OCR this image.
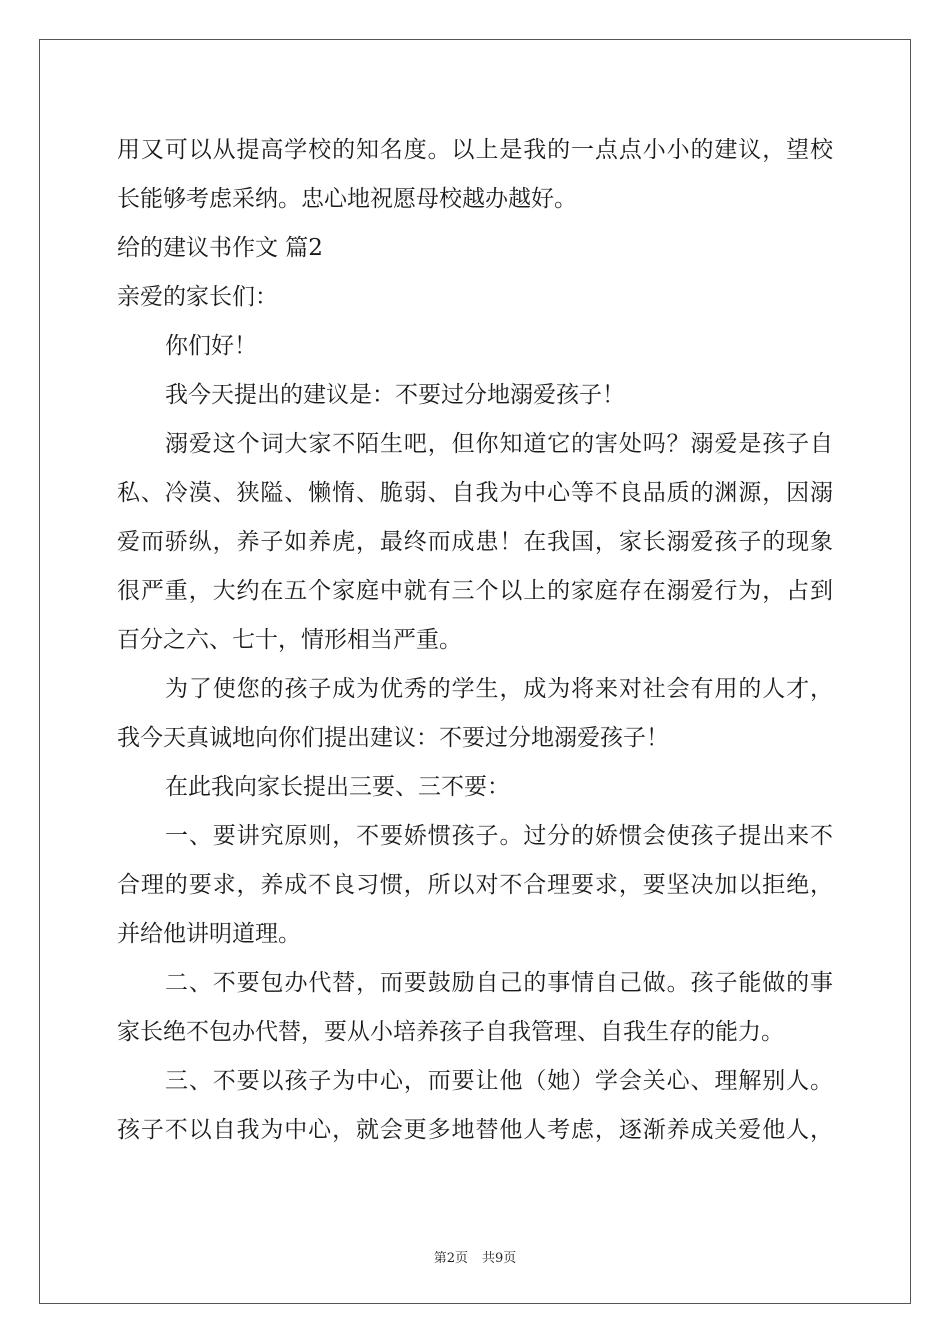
用又可以从提高学校的知名度。以上是我的一点点小小的建议，望校

长能够考虑采纳。忠心地祝愿母校越办越好。

给的建议书作文 篇2

亲爱的家长们：

你们好！

我今天提出的建议是：不要过分地溺爱孩子！

溺爱这个词大家不陌生吧，但你知道它的害处吗？溺爱是孩子自

私、冷漠、狭隘、懒惰、脆弱、自我为中心等不良品质的渊源，因溺

爱而骄纵，养子如养虎，最终而成患！在我国，家长溺爱孩子的现象

很严重，大约在五个家庭中就有三个以上的家庭存在溺爱行为，占到

百分之六、七十，情形相当严重。

为了使您的孩子成为优秀的学生，成为将来对社会有用的人才，

我今天真诚地向你们提出建议：不要过分地溺爱孩子！

在此我向家长提出三要、三不要：

一、要讲究原则，不要娇惯孩子。过分的娇惯会使孩子提出来不

合理的要求，养成不良习惯，所以对不合理要求，要坚决加以拒绝，

并给他讲明道理。

二、不要包办代替，而要鼓励自己的事情自己做。孩子能做的事

家长绝不包办代替，要从小培养孩子自我管理、自我生存的能力。

三、不要以孩子为中心，而要让他（她）学会关心、理解别人。

孩子不以自我为中心，就会更多地替他人考虑，逐渐养成关爱他人，

第2页 共9页
